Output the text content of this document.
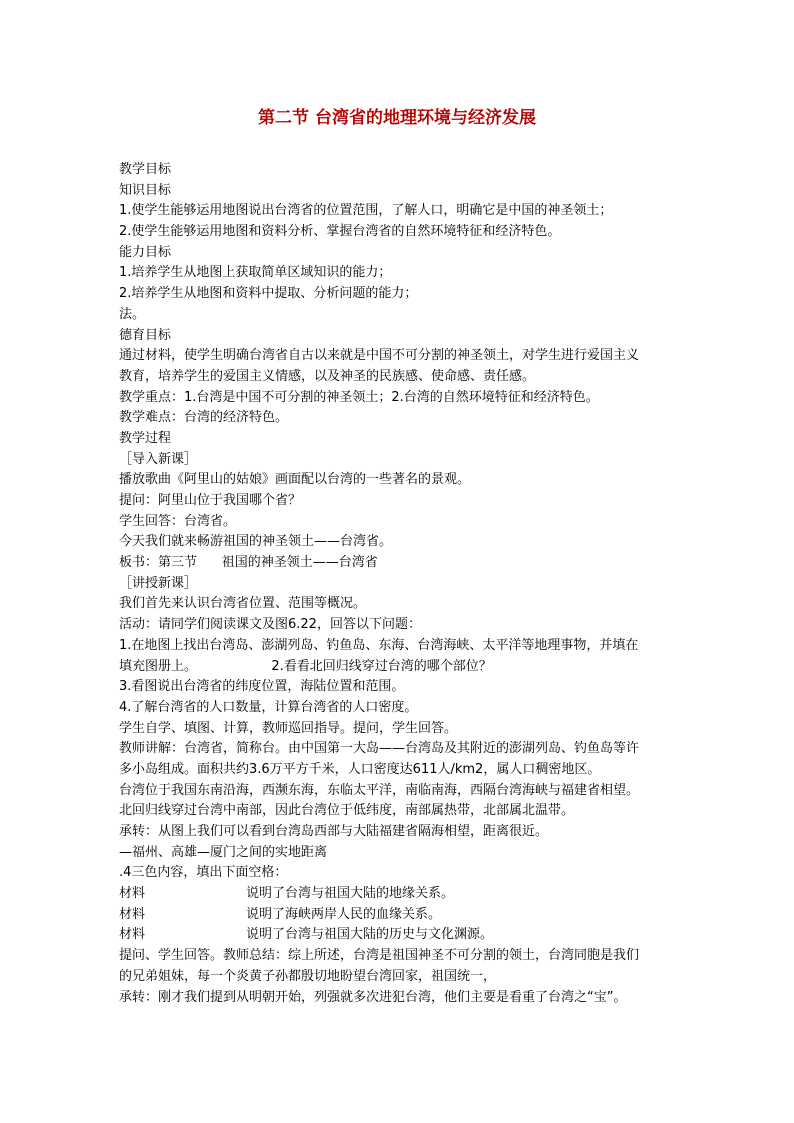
第二节 台湾省的地理环境与经济发展
教学目标
知识目标
1.使学生能够运用地图说出台湾省的位置范围，了解人口，明确它是中国的神圣领土；
2.使学生能够运用地图和资料分析、掌握台湾省的自然环境特征和经济特色。
能力目标
1.培养学生从地图上获取简单区域知识的能力；
2.培养学生从地图和资料中提取、分析问题的能力；
法。
德育目标
通过材料，使学生明确台湾省自古以来就是中国不可分割的神圣领土，对学生进行爱国主义
教育，培养学生的爱国主义情感，以及神圣的民族感、使命感、责任感。
教学重点：1.台湾是中国不可分割的神圣领土；2.台湾的自然环境特征和经济特色。
教学难点：台湾的经济特色。
教学过程
［导入新课］
播放歌曲《阿里山的姑娘》画面配以台湾的一些著名的景观。
提问：阿里山位于我国哪个省？
学生回答：台湾省。
今天我们就来畅游祖国的神圣领土——台湾省。
板书：第三节      祖国的神圣领土——台湾省
［讲授新课］
我们首先来认识台湾省位置、范围等概况。
活动：请同学们阅读课文及图6.22，回答以下问题：
1.在地图上找出台湾岛、澎湖列岛、钓鱼岛、东海、台湾海峡、太平洋等地理事物，并填在
填充图册上。                  2.看看北回归线穿过台湾的哪个部位？
3.看图说出台湾省的纬度位置，海陆位置和范围。
4.了解台湾省的人口数量，计算台湾省的人口密度。
学生自学、填图、计算，教师巡回指导。提问，学生回答。
教师讲解：台湾省，简称台。由中国第一大岛——台湾岛及其附近的澎湖列岛、钓鱼岛等许
多小岛组成。面积共约3.6万平方千米，人口密度达611人/km2，属人口稠密地区。
台湾位于我国东南沿海，西濒东海，东临太平洋，南临南海，西隔台湾海峡与福建省相望。
北回归线穿过台湾中南部，因此台湾位于低纬度，南部属热带，北部属北温带。
承转：从图上我们可以看到台湾岛西部与大陆福建省隔海相望，距离很近。
—福州、高雄—厦门之间的实地距离
.4三色内容，填出下面空格：
材料	说明了台湾与祖国大陆的地缘关系。
材料	说明了海峡两岸人民的血缘关系。
材料	说明了台湾与祖国大陆的历史与文化渊源。
提问、学生回答。教师总结：综上所述，台湾是祖国神圣不可分割的领土，台湾同胞是我们
的兄弟姐妹，每一个炎黄子孙都殷切地盼望台湾回家，祖国统一，
承转：刚才我们提到从明朝开始，列强就多次进犯台湾，他们主要是看重了台湾之“宝”。
